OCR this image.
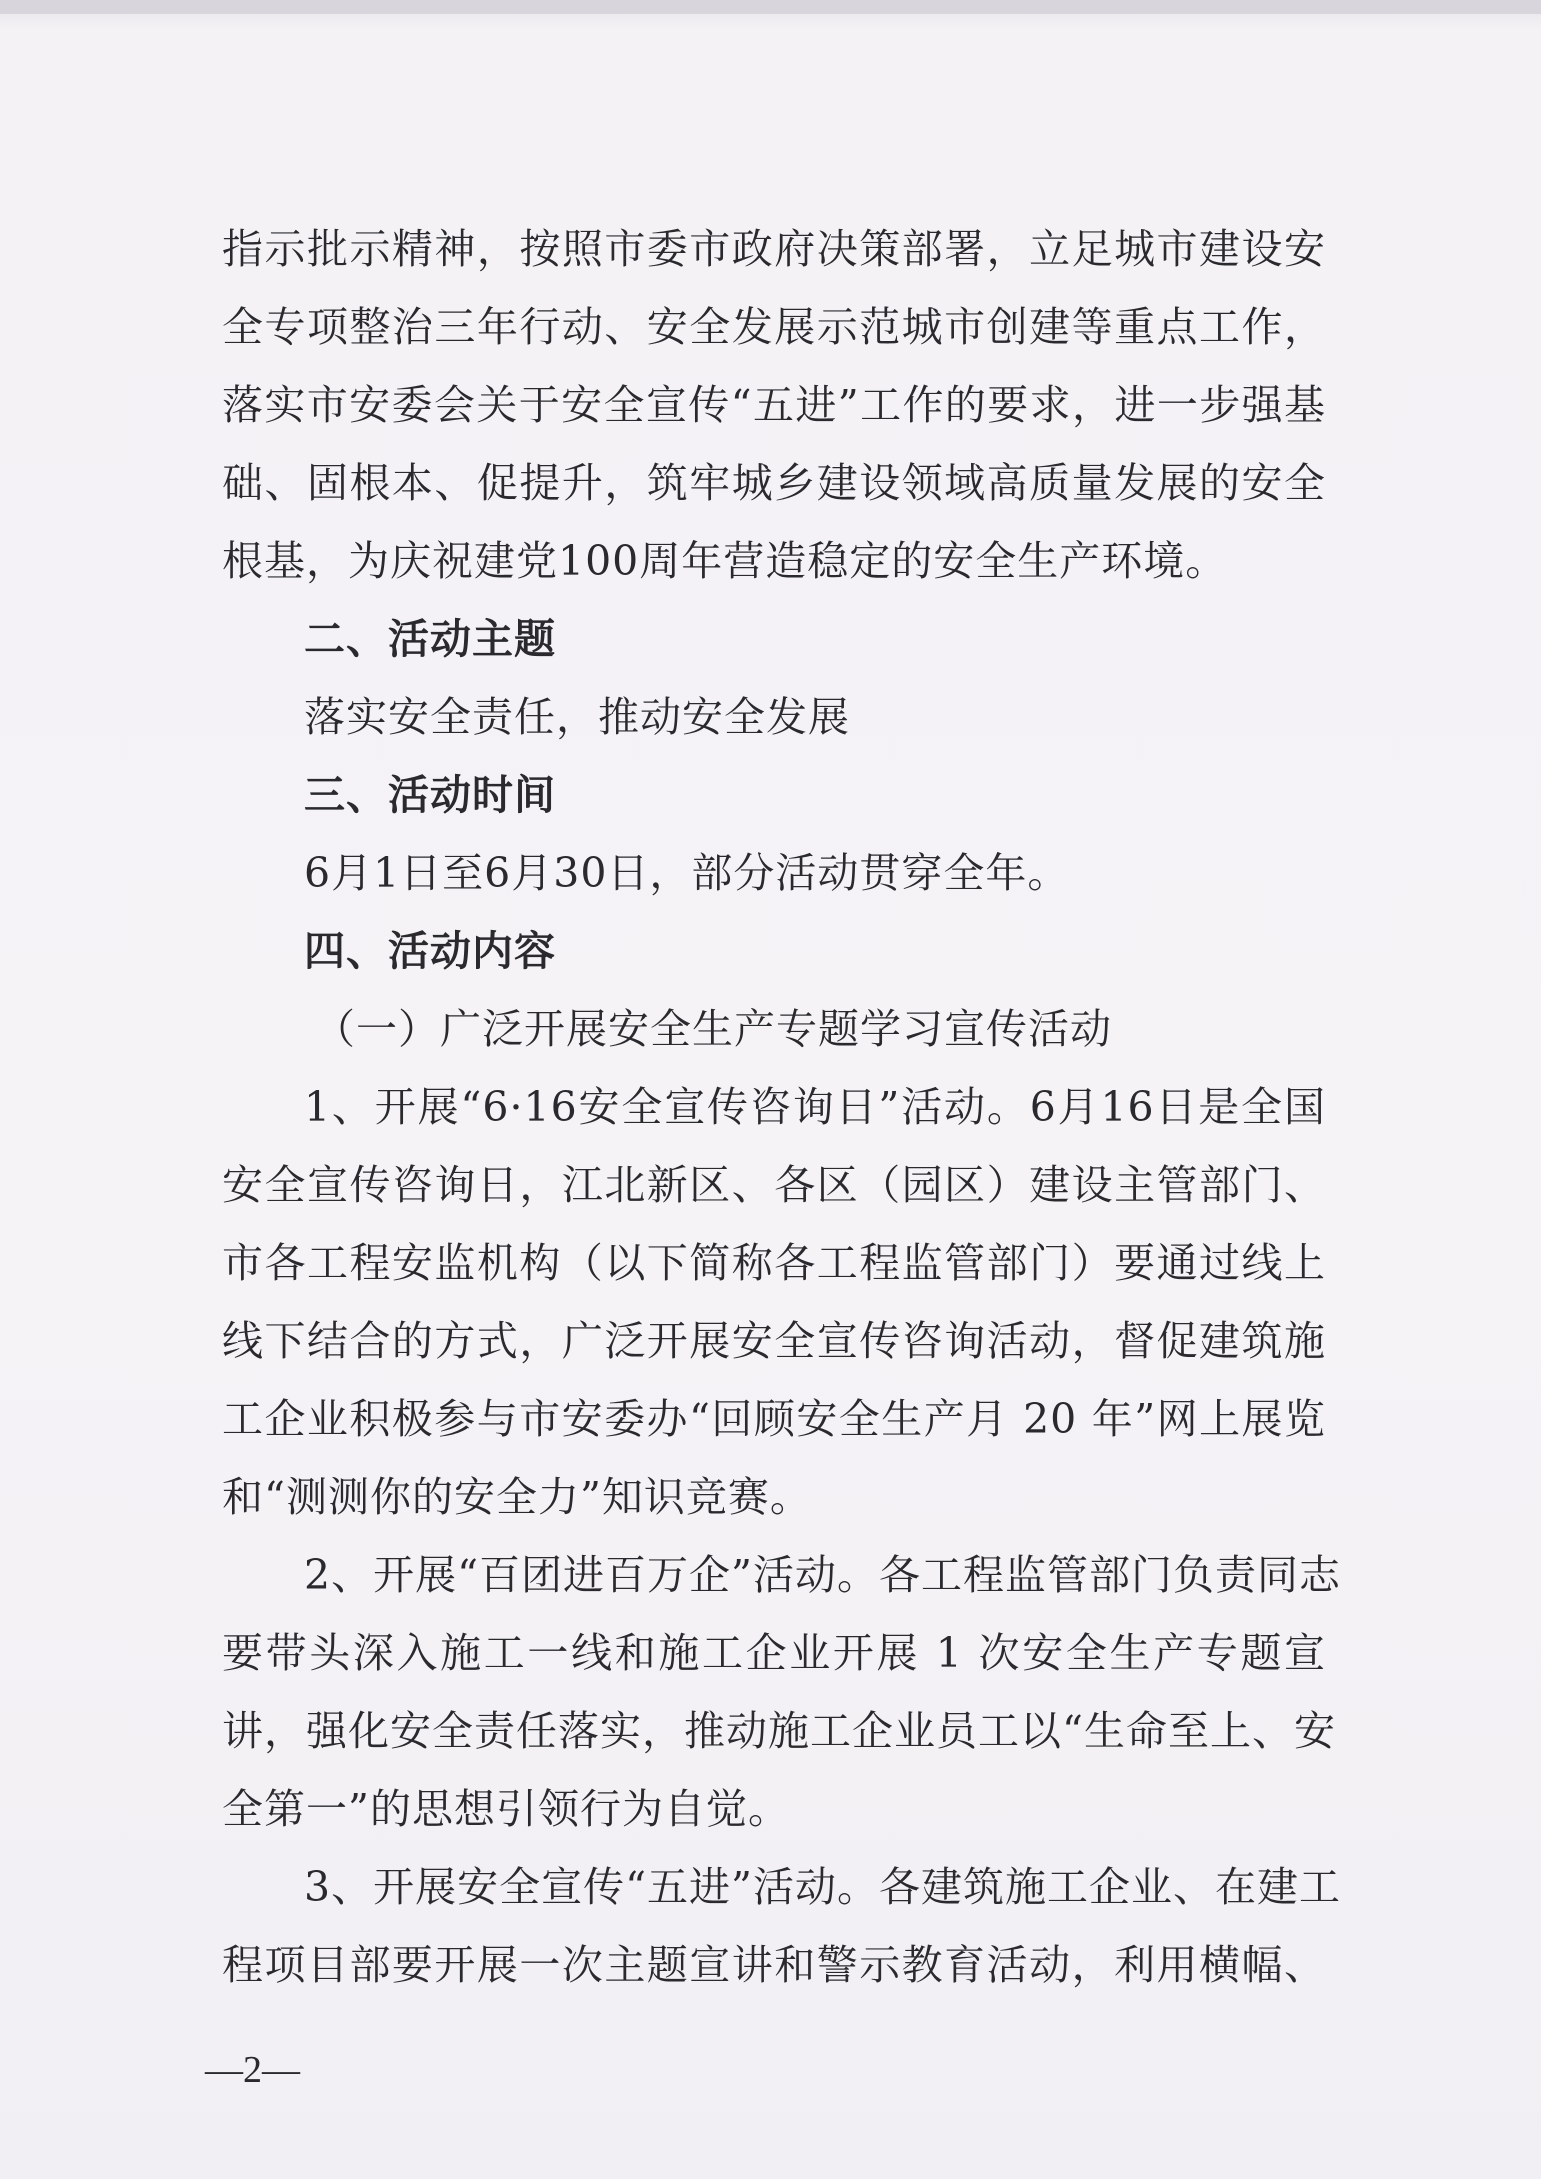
指示批示精神，按照市委市政府决策部署，立足城市建设安
全专项整治三年行动、安全发展示范城市创建等重点工作，
落实市安委会关于安全宣传“五进”工作的要求，进一步强基
础、固根本、促提升，筑牢城乡建设领域高质量发展的安全
根基，为庆祝建党100周年营造稳定的安全生产环境。
二、活动主题
落实安全责任，推动安全发展
三、活动时间
6月1日至6月30日，部分活动贯穿全年。
四、活动内容
（一）广泛开展安全生产专题学习宣传活动
1、开展“6·16安全宣传咨询日”活动。6月16日是全国
安全宣传咨询日，江北新区、各区（园区）建设主管部门、
市各工程安监机构（以下简称各工程监管部门）要通过线上
线下结合的方式，广泛开展安全宣传咨询活动，督促建筑施
工企业积极参与市安委办“回顾安全生产月 20 年”网上展览
和“测测你的安全力”知识竞赛。
2、开展“百团进百万企”活动。各工程监管部门负责同志
要带头深入施工一线和施工企业开展 1 次安全生产专题宣
讲，强化安全责任落实，推动施工企业员工以“生命至上、安
全第一”的思想引领行为自觉。
3、开展安全宣传“五进”活动。各建筑施工企业、在建工
程项目部要开展一次主题宣讲和警示教育活动，利用横幅、
—2—
